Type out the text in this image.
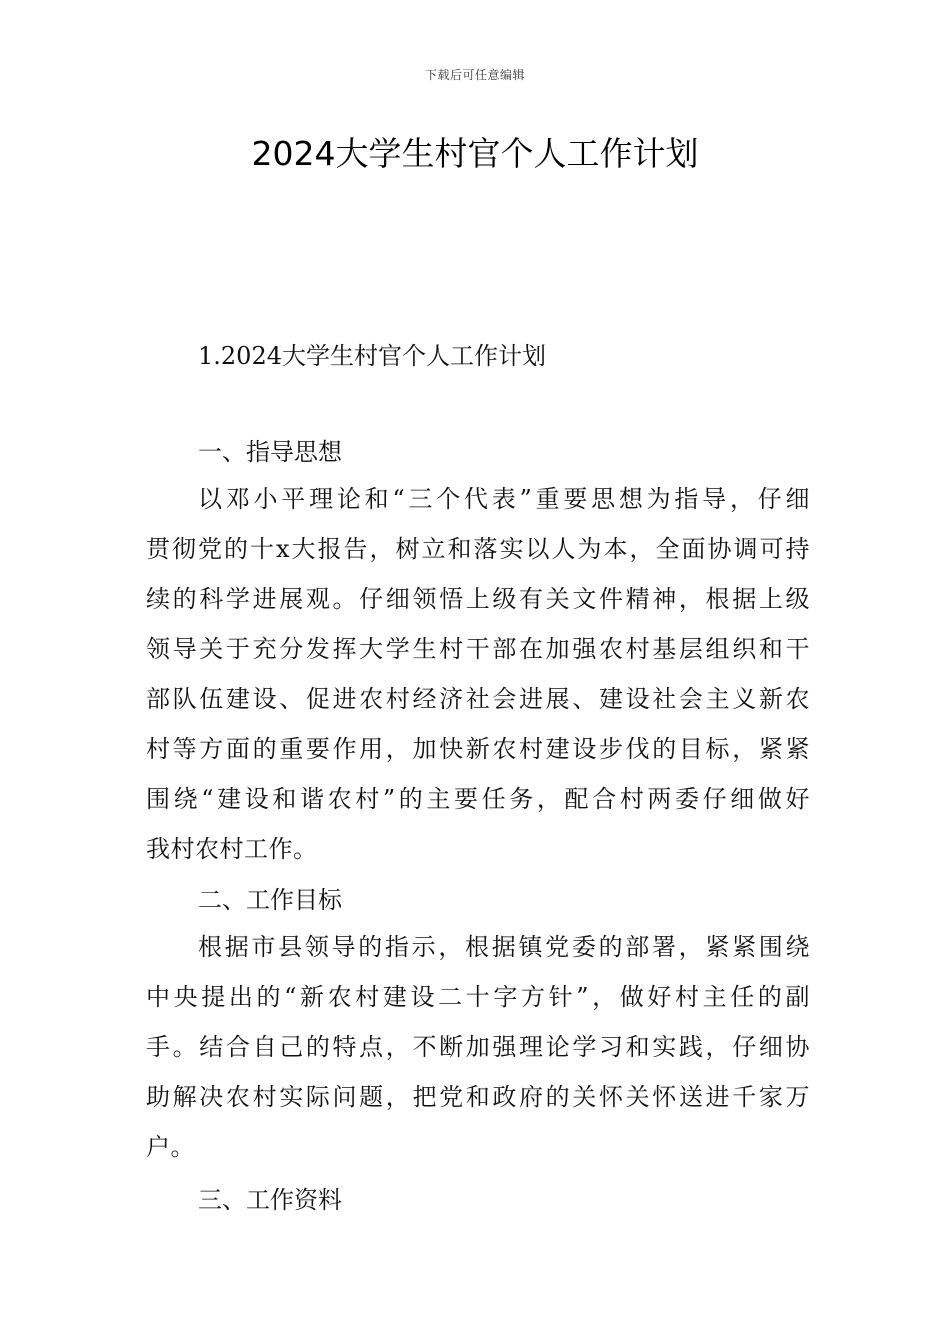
下载后可任意编辑
2024大学生村官个人工作计划
1.2024大学生村官个人工作计划
一、指导思想
以邓小平理论和“三个代表”重要思想为指导，仔细
贯彻党的十x大报告，树立和落实以人为本，全面协调可持
续的科学进展观。仔细领悟上级有关文件精神，根据上级
领导关于充分发挥大学生村干部在加强农村基层组织和干
部队伍建设、促进农村经济社会进展、建设社会主义新农
村等方面的重要作用，加快新农村建设步伐的目标，紧紧
围绕“建设和谐农村”的主要任务，配合村两委仔细做好
我村农村工作。
二、工作目标
根据市县领导的指示，根据镇党委的部署，紧紧围绕
中央提出的“新农村建设二十字方针”，做好村主任的副
手。结合自己的特点，不断加强理论学习和实践，仔细协
助解决农村实际问题，把党和政府的关怀关怀送进千家万
户。
三、工作资料
